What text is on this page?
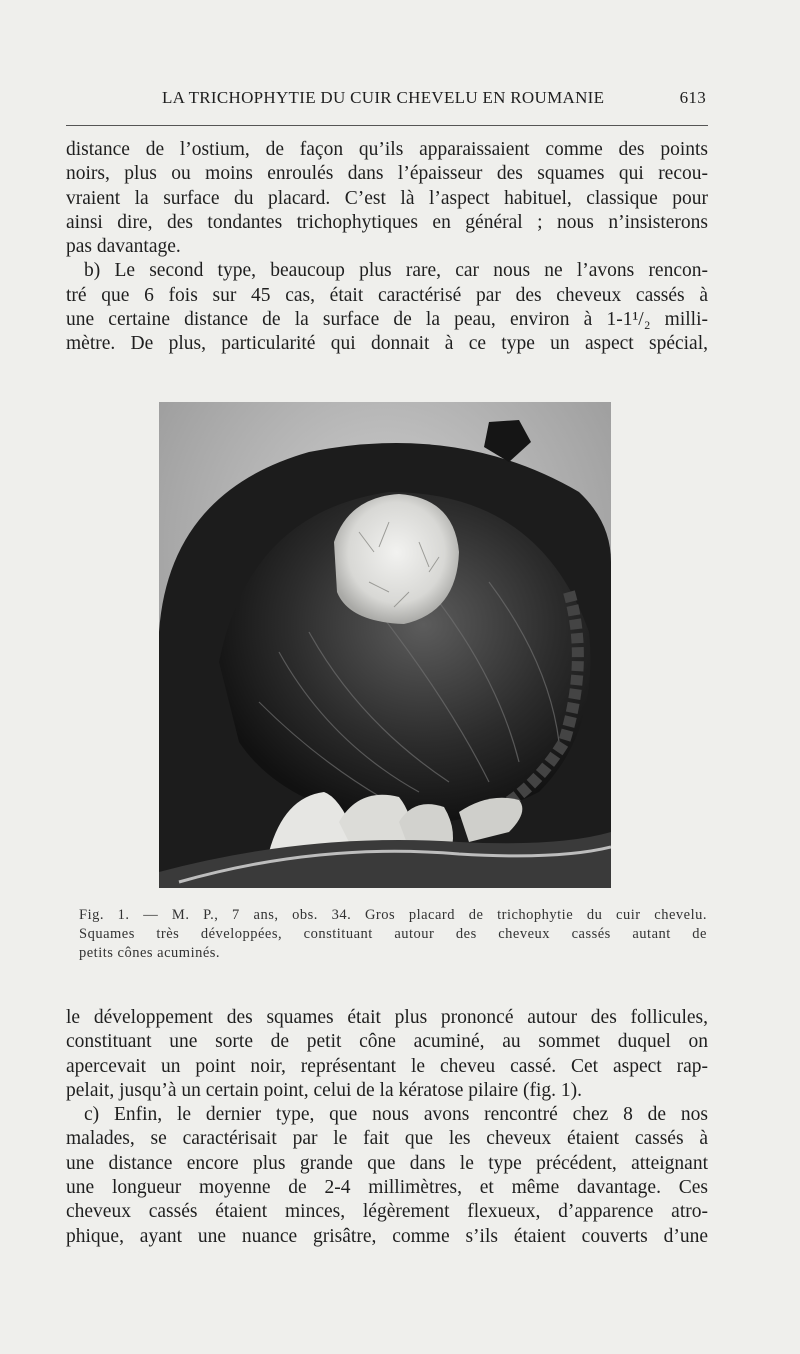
LA TRICHOPHYTIE DU CUIR CHEVELU EN ROUMANIE	613
distance de l’ostium, de façon qu’ils apparaissaient comme des points
noirs, plus ou moins enroulés dans l’épaisseur des squames qui recou-
vraient la surface du placard. C’est là l’aspect habituel, classique pour
ainsi dire, des tondantes trichophytiques en général ; nous n’insisterons
pas davantage.
b) Le second type, beaucoup plus rare, car nous ne l’avons rencon-
tré que 6 fois sur 45 cas, était caractérisé par des cheveux cassés à
une certaine distance de la surface de la peau, environ à 1-1¹/₂ milli-
mètre. De plus, particularité qui donnait à ce type un aspect spécial,
Fig. 1. — M. P., 7 ans, obs. 34. Gros placard de trichophytie du cuir chevelu.
Squames très développées, constituant autour des cheveux cassés autant de
petits cônes acuminés.
le développement des squames était plus prononcé autour des follicules,
constituant une sorte de petit cône acuminé, au sommet duquel on
apercevait un point noir, représentant le cheveu cassé. Cet aspect rap-
pelait, jusqu’à un certain point, celui de la kératose pilaire (fig. 1).
c) Enfin, le dernier type, que nous avons rencontré chez 8 de nos
malades, se caractérisait par le fait que les cheveux étaient cassés à
une distance encore plus grande que dans le type précédent, atteignant
une longueur moyenne de 2-4 millimètres, et même davantage. Ces
cheveux cassés étaient minces, légèrement flexueux, d’apparence atro-
phique, ayant une nuance grisâtre, comme s’ils étaient couverts d’une
